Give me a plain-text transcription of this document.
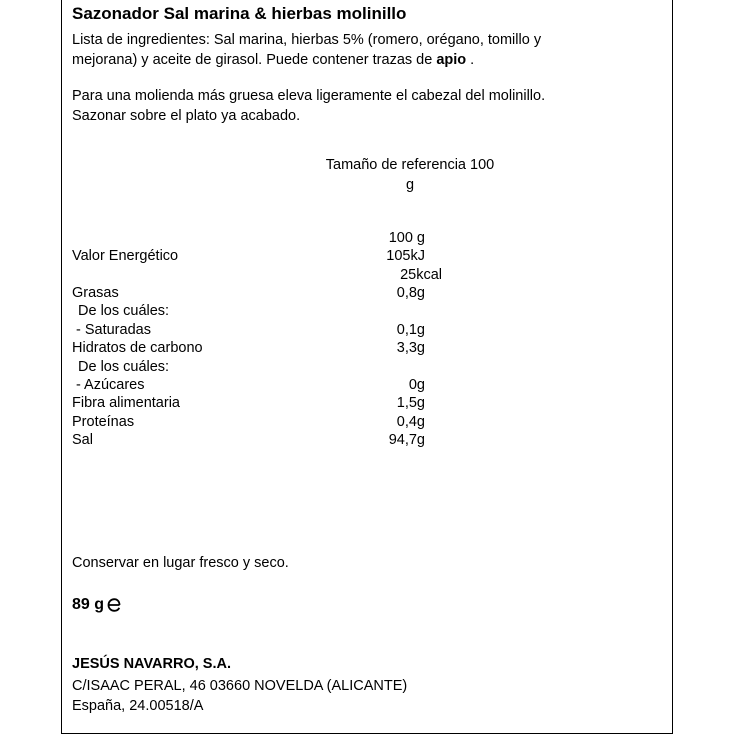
Sazonador Sal marina & hierbas molinillo
Lista de ingredientes: Sal marina, hierbas 5% (romero, orégano, tomillo y mejorana) y aceite de girasol. Puede contener trazas de apio .
Para una molienda más gruesa eleva ligeramente el cabezal del molinillo. Sazonar sobre el plato ya acabado.
Tamaño de referencia 100
g
100 g
Valor Energético	105kJ
25kcal
Grasas	0,8g
De los cuáles:
- Saturadas	0,1g
Hidratos de carbono	3,3g
De los cuáles:
- Azúcares	0g
Fibra alimentaria	1,5g
Proteínas	0,4g
Sal	94,7g
Conservar en lugar fresco y seco.
89 g
JESÚS NAVARRO, S.A.
C/ISAAC PERAL, 46 03660 NOVELDA (ALICANTE)
España, 24.00518/A
